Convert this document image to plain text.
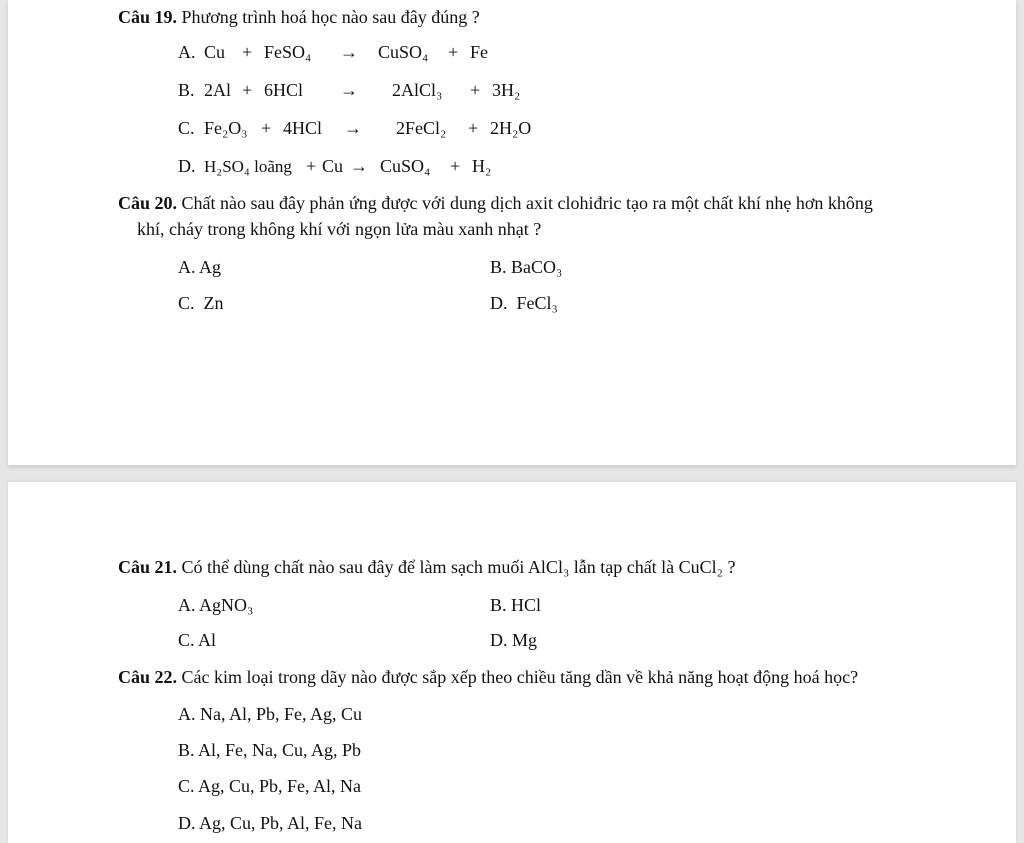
Câu 19. Phương trình hoá học nào sau đây đúng ?
A. Cu + FeSO₄ → CuSO₄ + Fe
B. 2Al + 6HCl → 2AlCl₃ + 3H₂
C. Fe₂O₃ + 4HCl → 2FeCl₂ + 2H₂O
D. H₂SO₄ loãng + Cu → CuSO₄ + H₂
Câu 20. Chất nào sau đây phản ứng được với dung dịch axit clohiđric tạo ra một chất khí nhẹ hơn không
khí, cháy trong không khí với ngọn lửa màu xanh nhạt ?
A. Ag	B. BaCO₃
C. Zn	D. FeCl₃
Câu 21. Có thể dùng chất nào sau đây để làm sạch muối AlCl₃ lẫn tạp chất là CuCl₂ ?
A. AgNO₃	B. HCl
C. Al	D. Mg
Câu 22. Các kim loại trong dãy nào được sắp xếp theo chiều tăng dần về khả năng hoạt động hoá học?
A. Na, Al, Pb, Fe, Ag, Cu
B. Al, Fe, Na, Cu, Ag, Pb
C. Ag, Cu, Pb, Fe, Al, Na
D. Ag, Cu, Pb, Al, Fe, Na
